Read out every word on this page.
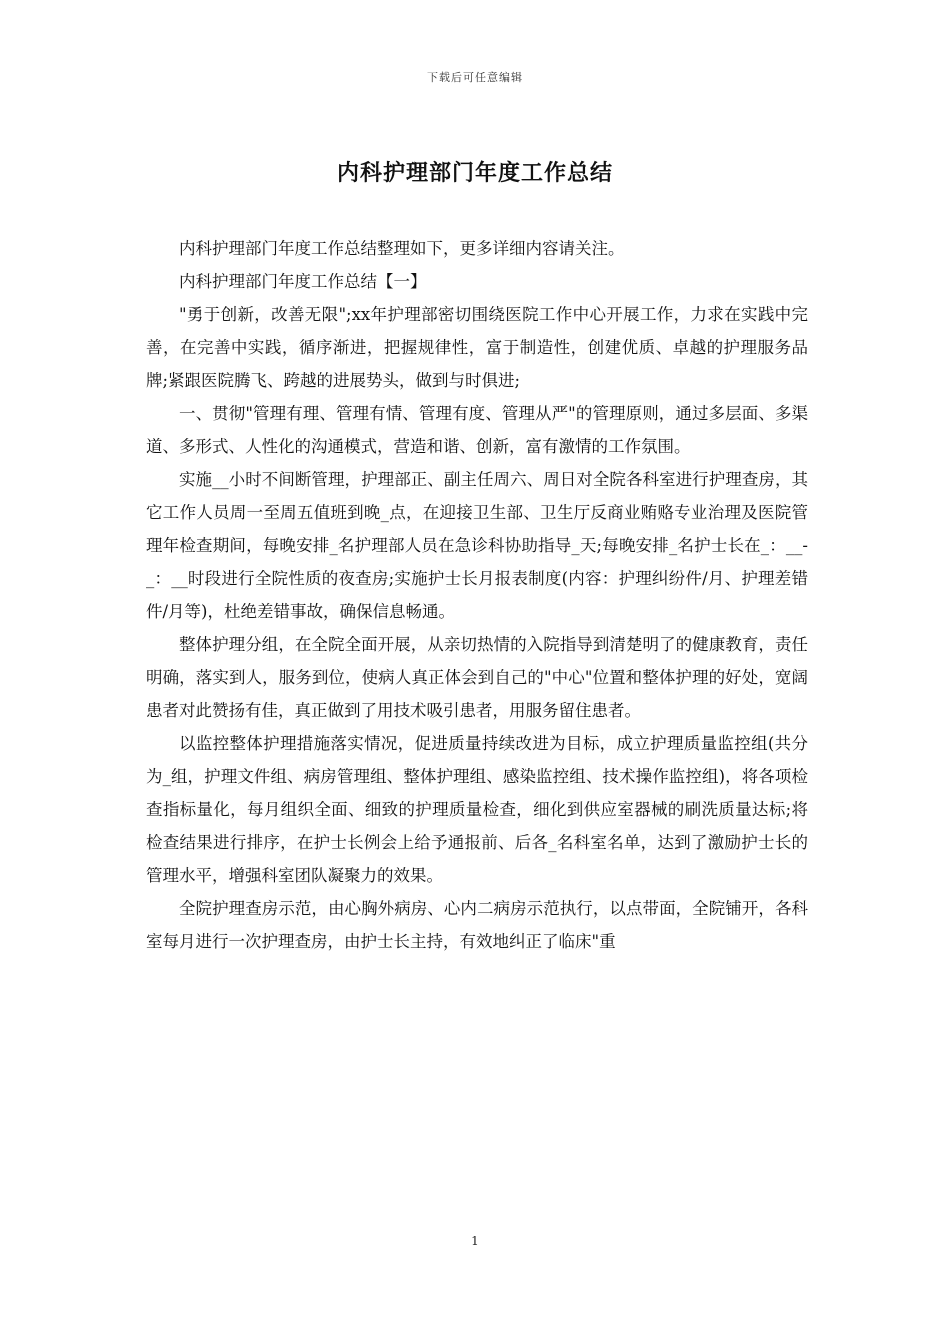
下载后可任意编辑
内科护理部门年度工作总结

内科护理部门年度工作总结整理如下，更多详细内容请关注。

内科护理部门年度工作总结【一】

"勇于创新，改善无限";xx年护理部密切围绕医院工作中心开展工作，力求在实践中完善，在完善中实践，循序渐进，把握规律性，富于制造性，创建优质、卓越的护理服务品牌;紧跟医院腾飞、跨越的进展势头，做到与时俱进;

一、贯彻"管理有理、管理有情、管理有度、管理从严"的管理原则，通过多层面、多渠道、多形式、人性化的沟通模式，营造和谐、创新，富有激情的工作氛围。

实施__小时不间断管理，护理部正、副主任周六、周日对全院各科室进行护理查房，其它工作人员周一至周五值班到晚_点，在迎接卫生部、卫生厅反商业贿赂专业治理及医院管理年检查期间，每晚安排_名护理部人员在急诊科协助指导_天;每晚安排_名护士长在_：__-_：__时段进行全院性质的夜查房;实施护士长月报表制度(内容：护理纠纷件/月、护理差错件/月等)，杜绝差错事故，确保信息畅通。

整体护理分组，在全院全面开展，从亲切热情的入院指导到清楚明了的健康教育，责任明确，落实到人，服务到位，使病人真正体会到自己的"中心"位置和整体护理的好处，宽阔患者对此赞扬有佳，真正做到了用技术吸引患者，用服务留住患者。

以监控整体护理措施落实情况，促进质量持续改进为目标，成立护理质量监控组(共分为_组，护理文件组、病房管理组、整体护理组、感染监控组、技术操作监控组)，将各项检查指标量化，每月组织全面、细致的护理质量检查，细化到供应室器械的刷洗质量达标;将检查结果进行排序，在护士长例会上给予通报前、后各_名科室名单，达到了激励护士长的管理水平，增强科室团队凝聚力的效果。

全院护理查房示范，由心胸外病房、心内二病房示范执行，以点带面，全院铺开，各科室每月进行一次护理查房，由护士长主持，有效地纠正了临床"重

1
